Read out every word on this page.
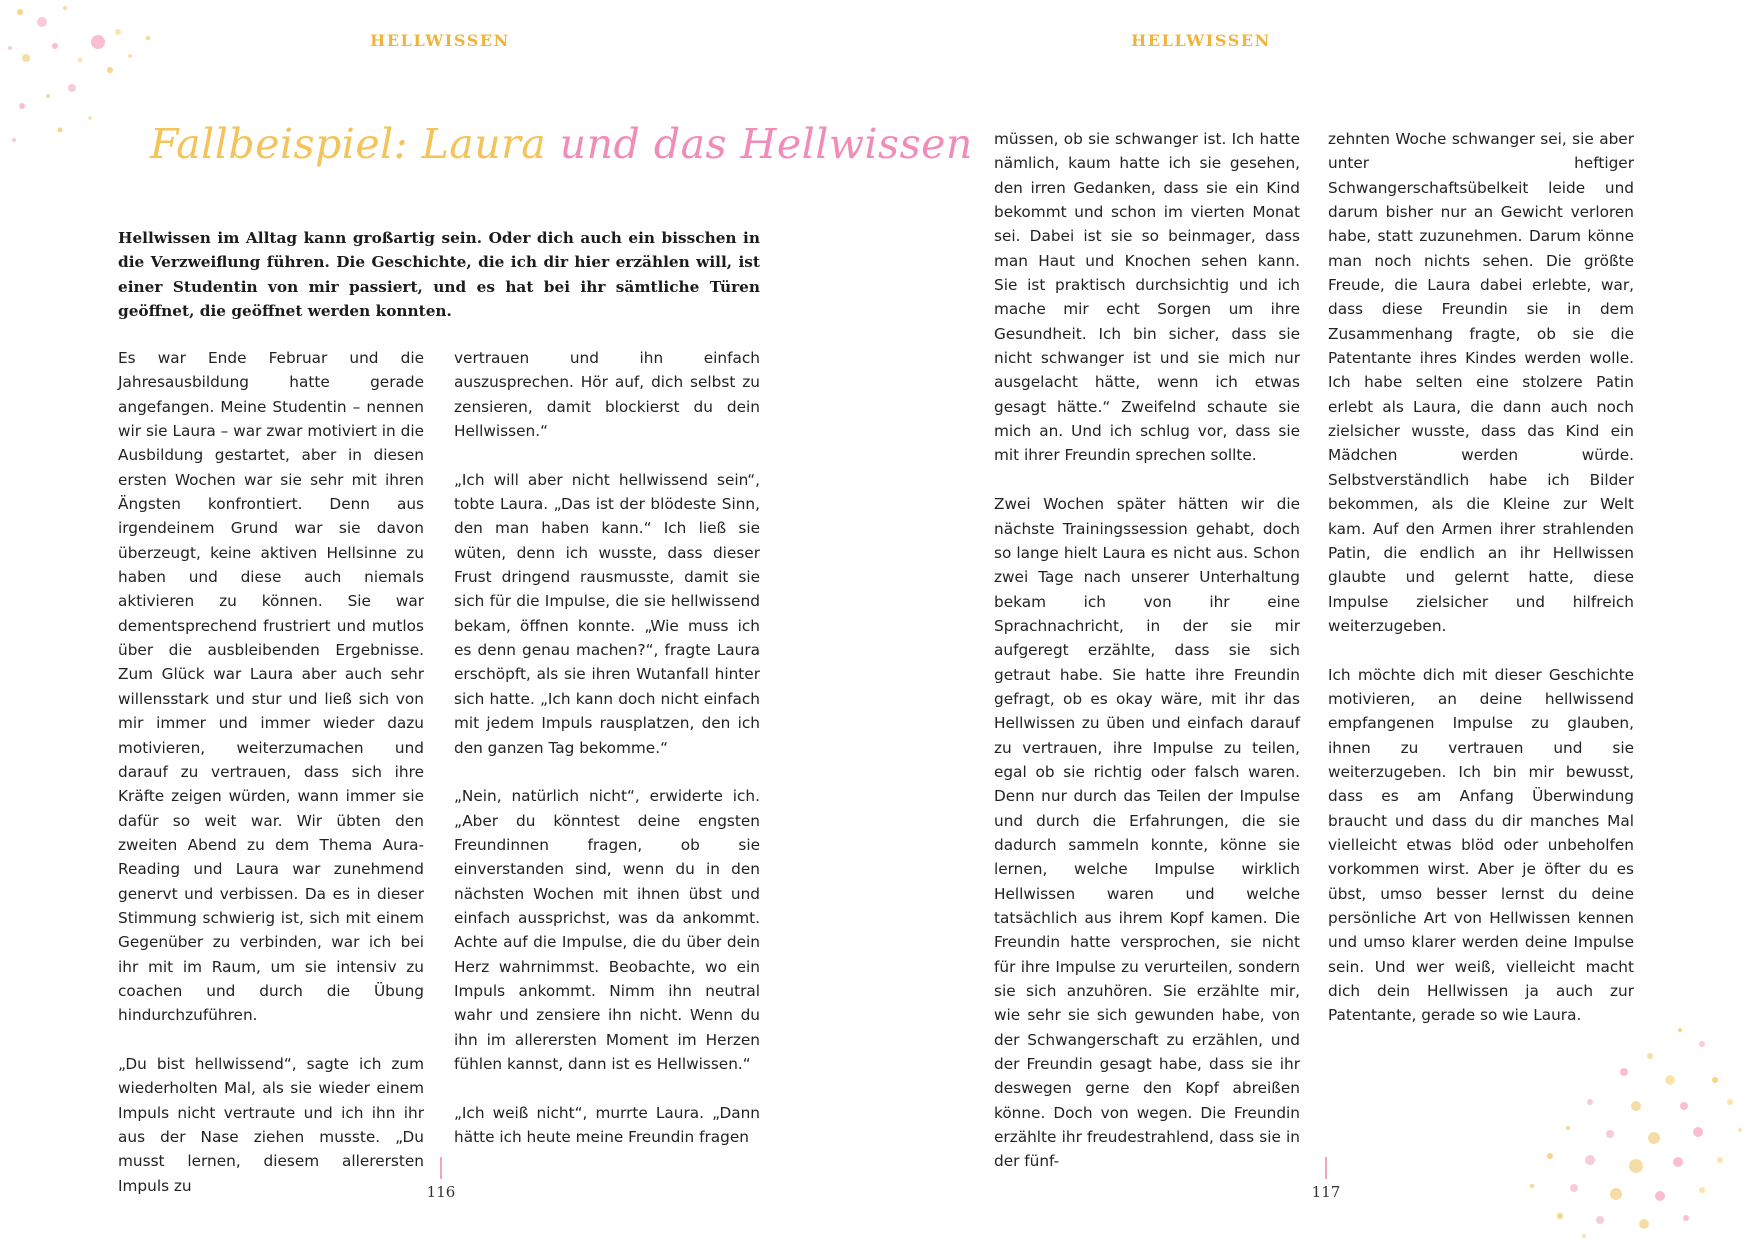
HELLWISSEN
Fallbeispiel: Laura und das Hellwissen

Hellwissen im Alltag kann großartig sein. Oder dich auch ein bisschen in die Verzweiflung führen. Die Geschichte, die ich dir hier erzählen will, ist einer Studentin von mir passiert, und es hat bei ihr sämtliche Türen geöffnet, die geöffnet werden konnten.

Es war Ende Februar und die Jahresausbildung hatte gerade angefangen. Meine Studentin – nennen wir sie Laura – war zwar motiviert in die Ausbildung gestartet, aber in diesen ersten Wochen war sie sehr mit ihren Ängsten konfrontiert. Denn aus irgendeinem Grund war sie davon überzeugt, keine aktiven Hellsinne zu haben und diese auch niemals aktivieren zu können. Sie war dementsprechend frustriert und mutlos über die ausbleibenden Ergebnisse. Zum Glück war Laura aber auch sehr willensstark und stur und ließ sich von mir immer und immer wieder dazu motivieren, weiterzumachen und darauf zu vertrauen, dass sich ihre Kräfte zeigen würden, wann immer sie dafür so weit war. Wir übten den zweiten Abend zu dem Thema Aura-Reading und Laura war zunehmend genervt und verbissen. Da es in dieser Stimmung schwierig ist, sich mit einem Gegenüber zu verbinden, war ich bei ihr mit im Raum, um sie intensiv zu coachen und durch die Übung hindurchzuführen.

„Du bist hellwissend“, sagte ich zum wiederholten Mal, als sie wieder einem Impuls nicht vertraute und ich ihn ihr aus der Nase ziehen musste. „Du musst lernen, diesem allerersten Impuls zu

vertrauen und ihn einfach auszusprechen. Hör auf, dich selbst zu zensieren, damit blockierst du dein Hellwissen.“

„Ich will aber nicht hellwissend sein“, tobte Laura. „Das ist der blödeste Sinn, den man haben kann.“ Ich ließ sie wüten, denn ich wusste, dass dieser Frust dringend rausmusste, damit sie sich für die Impulse, die sie hellwissend bekam, öffnen konnte. „Wie muss ich es denn genau machen?“, fragte Laura erschöpft, als sie ihren Wutanfall hinter sich hatte. „Ich kann doch nicht einfach mit jedem Impuls rausplatzen, den ich den ganzen Tag bekomme.“

„Nein, natürlich nicht“, erwiderte ich. „Aber du könntest deine engsten Freundinnen fragen, ob sie einverstanden sind, wenn du in den nächsten Wochen mit ihnen übst und einfach aussprichst, was da ankommt. Achte auf die Impulse, die du über dein Herz wahrnimmst. Beobachte, wo ein Impuls ankommt. Nimm ihn neutral wahr und zensiere ihn nicht. Wenn du ihn im allerersten Moment im Herzen fühlen kannst, dann ist es Hellwissen.“

„Ich weiß nicht“, murrte Laura. „Dann hätte ich heute meine Freundin fragen

116
HELLWISSEN

müssen, ob sie schwanger ist. Ich hatte nämlich, kaum hatte ich sie gesehen, den irren Gedanken, dass sie ein Kind bekommt und schon im vierten Monat sei. Dabei ist sie so beinmager, dass man Haut und Knochen sehen kann. Sie ist praktisch durchsichtig und ich mache mir echt Sorgen um ihre Gesundheit. Ich bin sicher, dass sie nicht schwanger ist und sie mich nur ausgelacht hätte, wenn ich etwas gesagt hätte.“ Zweifelnd schaute sie mich an. Und ich schlug vor, dass sie mit ihrer Freundin sprechen sollte.

Zwei Wochen später hätten wir die nächste Trainingssession gehabt, doch so lange hielt Laura es nicht aus. Schon zwei Tage nach unserer Unterhaltung bekam ich von ihr eine Sprachnachricht, in der sie mir aufgeregt erzählte, dass sie sich getraut habe. Sie hatte ihre Freundin gefragt, ob es okay wäre, mit ihr das Hellwissen zu üben und einfach darauf zu vertrauen, ihre Impulse zu teilen, egal ob sie richtig oder falsch waren. Denn nur durch das Teilen der Impulse und durch die Erfahrungen, die sie dadurch sammeln konnte, könne sie lernen, welche Impulse wirklich Hellwissen waren und welche tatsächlich aus ihrem Kopf kamen. Die Freundin hatte versprochen, sie nicht für ihre Impulse zu verurteilen, sondern sie sich anzuhören. Sie erzählte mir, wie sehr sie sich gewunden habe, von der Schwangerschaft zu erzählen, und der Freundin gesagt habe, dass sie ihr deswegen gerne den Kopf abreißen könne. Doch von wegen. Die Freundin erzählte ihr freudestrahlend, dass sie in der fünf-

zehnten Woche schwanger sei, sie aber unter heftiger Schwangerschaftsübelkeit leide und darum bisher nur an Gewicht verloren habe, statt zuzunehmen. Darum könne man noch nichts sehen. Die größte Freude, die Laura dabei erlebte, war, dass diese Freundin sie in dem Zusammenhang fragte, ob sie die Patentante ihres Kindes werden wolle. Ich habe selten eine stolzere Patin erlebt als Laura, die dann auch noch zielsicher wusste, dass das Kind ein Mädchen werden würde. Selbstverständlich habe ich Bilder bekommen, als die Kleine zur Welt kam. Auf den Armen ihrer strahlenden Patin, die endlich an ihr Hellwissen glaubte und gelernt hatte, diese Impulse zielsicher und hilfreich weiterzugeben.

Ich möchte dich mit dieser Geschichte motivieren, an deine hellwissend empfangenen Impulse zu glauben, ihnen zu vertrauen und sie weiterzugeben. Ich bin mir bewusst, dass es am Anfang Überwindung braucht und dass du dir manches Mal vielleicht etwas blöd oder unbeholfen vorkommen wirst. Aber je öfter du es übst, umso besser lernst du deine persönliche Art von Hellwissen kennen und umso klarer werden deine Impulse sein. Und wer weiß, vielleicht macht dich dein Hellwissen ja auch zur Patentante, gerade so wie Laura.

117
